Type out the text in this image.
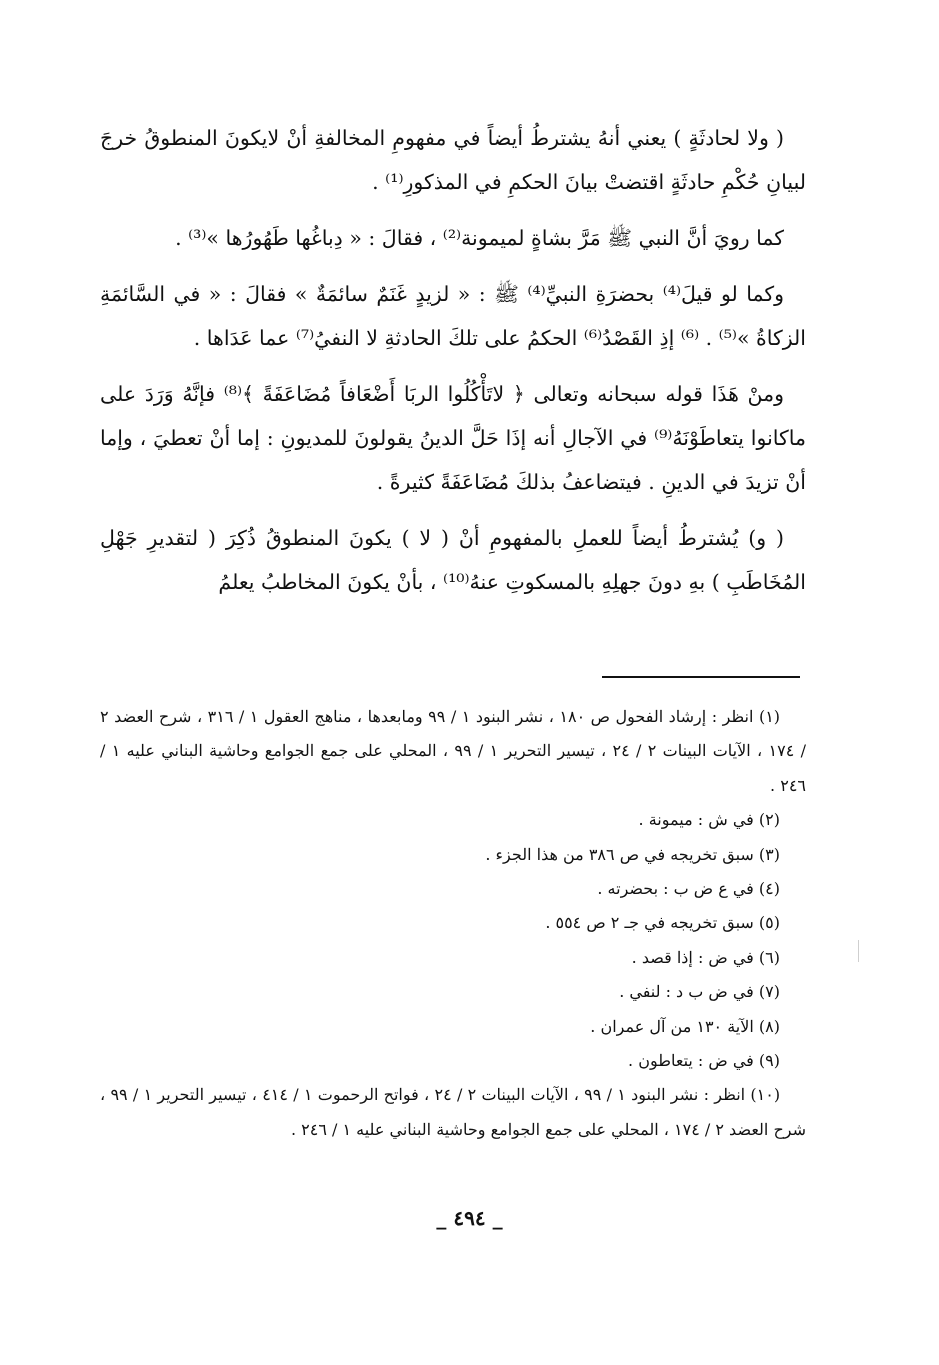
( ولا لحادثَةٍ ) يعني أنهُ يشترطُ أيضاً في مفهومِ المخالفةِ أنْ لايكونَ المنطوقُ خرجَ لبيانِ حُكْمِ حادثَةٍ اقتضتْ بيانَ الحكمِ في المذكورِ⁽¹⁾ .

كما رويَ أنَّ النبي ﷺ مَرَّ بشاةٍ لميمونة⁽²⁾ ، فقالَ : « دِباغُها طَهُورُها »⁽³⁾ .

وكما لو قيلَ⁽⁴⁾ بحضرَةِ النبيِّ⁽⁴⁾ ﷺ : « لزيدٍ غَنَمٌ سائمَةٌ » فقالَ : « في السَّائمَةِ الزكاةُ »⁽⁵⁾ . ⁽⁶⁾ إذِ القَصْدُ⁽⁶⁾ الحكمُ على تلكَ الحادثةِ لا النفيُ⁽⁷⁾ عما عَدَاها .

ومنْ هَذَا قوله سبحانه وتعالى ﴿ لاتَأْكُلُوا الربَا أَضْعَافاً مُضَاعَفَةً ﴾⁽⁸⁾ فإنَّهُ وَرَدَ على ماكانوا يتعاطَوْنَهُ⁽⁹⁾ في الآجالِ أنه إذَا حَلَّ الدينُ يقولونَ للمديونِ : إما أنْ تعطيَ ، وإما أنْ تزيدَ في الدينِ . فيتضاعفُ بذلكَ مُضَاعَفَةً كثيرةً .

( و) يُشترطُ أيضاً للعملِ بالمفهومِ أنْ ( لا ) يكونَ المنطوقُ ذُكِرَ ( لتقديرِ جَهْلِ المُخَاطَبِ ) بهِ دونَ جهلِهِ بالمسكوتِ عنهُ⁽¹⁰⁾ ، بأنْ يكونَ المخاطبُ يعلمُ

(١) انظر : إرشاد الفحول ص ١٨٠ ، نشر البنود ١ / ٩٩ ومابعدها ، مناهج العقول ١ / ٣١٦ ، شرح العضد ٢ / ١٧٤ ، الآيات البينات ٢ / ٢٤ ، تيسير التحرير ١ / ٩٩ ، المحلي على جمع الجوامع وحاشية البناني عليه ١ / ٢٤٦ .

(٢) في ش : ميمونة .

(٣) سبق تخريجه في ص ٣٨٦ من هذا الجزء .

(٤) في ع ض ب : بحضرته .

(٥) سبق تخريجه في جـ ٢ ص ٥٥٤ .

(٦) في ض : إذا قصد .

(٧) في ض ب د : لنفي .

(٨) الآية ١٣٠ من آل عمران .

(٩) في ض : يتعاطون .

(١٠) انظر : نشر البنود ١ / ٩٩ ، الآيات البينات ٢ / ٢٤ ، فواتح الرحموت ١ / ٤١٤ ، تيسير التحرير ١ / ٩٩ ، شرح العضد ٢ / ١٧٤ ، المحلي على جمع الجوامع وحاشية البناني عليه ١ / ٢٤٦ .

_ ٤٩٤ _
